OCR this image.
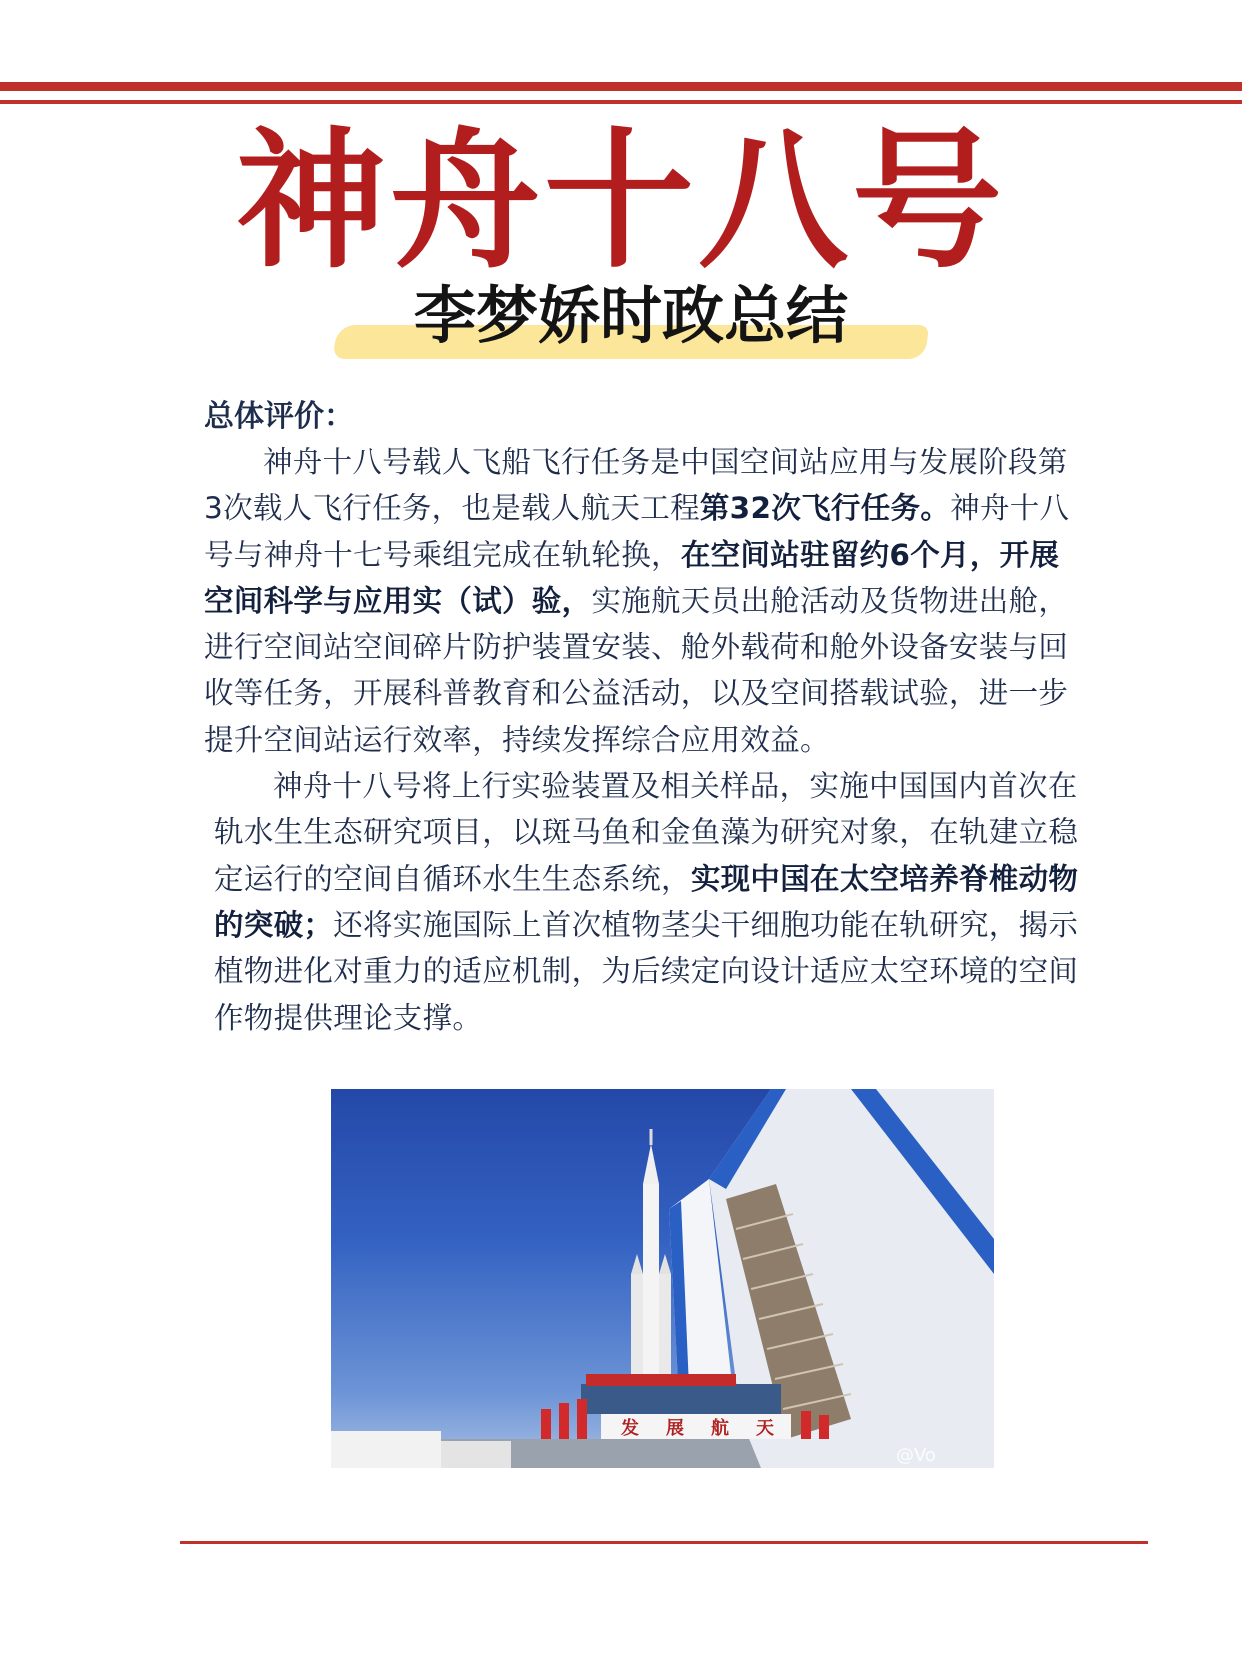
神舟十八号
李梦娇时政总结

总体评价：

神舟十八号载人飞船飞行任务是中国空间站应用与发展阶段第3次载人飞行任务，也是载人航天工程第32次飞行任务。神舟十八号与神舟十七号乘组完成在轨轮换，在空间站驻留约6个月，开展空间科学与应用实（试）验，实施航天员出舱活动及货物进出舱，进行空间站空间碎片防护装置安装、舱外载荷和舱外设备安装与回收等任务，开展科普教育和公益活动，以及空间搭载试验，进一步提升空间站运行效率，持续发挥综合应用效益。

神舟十八号将上行实验装置及相关样品，实施中国国内首次在轨水生生态研究项目，以斑马鱼和金鱼藻为研究对象，在轨建立稳定运行的空间自循环水生生态系统，实现中国在太空培养脊椎动物的突破；还将实施国际上首次植物茎尖干细胞功能在轨研究，揭示植物进化对重力的适应机制，为后续定向设计适应太空环境的空间作物提供理论支撑。

发 展 航 天
@Vo
